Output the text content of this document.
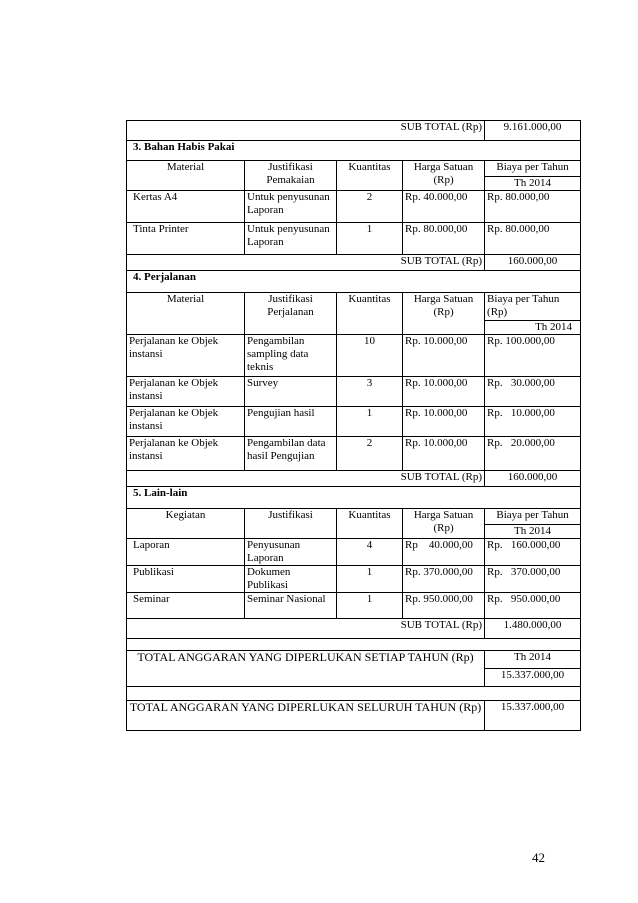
SUB TOTAL (Rp)				9.161.000,00
3. Bahan Habis Pakai				
Material	Justifikasi Pemakaian	Kuantitas	Harga Satuan (Rp)	Biaya per Tahun
				Th 2014
Kertas A4	Untuk penyusunan Laporan	2	Rp. 40.000,00	Rp. 80.000,00
Tinta Printer	Untuk penyusunan Laporan	1	Rp. 80.000,00	Rp. 80.000,00
SUB TOTAL (Rp)				160.000,00
4. Perjalanan				
Material	Justifikasi Perjalanan	Kuantitas	Harga Satuan (Rp)	Biaya per Tahun (Rp)
				Th 2014
Perjalanan ke Objek instansi	Pengambilan sampling data teknis	10	Rp. 10.000,00	Rp. 100.000,00
Perjalanan ke Objek instansi	Survey	3	Rp. 10.000,00	Rp.   30.000,00
Perjalanan ke Objek instansi	Pengujian hasil	1	Rp. 10.000,00	Rp.   10.000,00
Perjalanan ke Objek instansi	Pengambilan data hasil Pengujian	2	Rp. 10.000,00	Rp.   20.000,00
SUB TOTAL (Rp)				160.000,00
5. Lain-lain				
Kegiatan	Justifikasi	Kuantitas	Harga Satuan (Rp)	Biaya per Tahun
				Th 2014
Laporan	Penyusunan Laporan	4	Rp    40.000,00	Rp.   160.000,00
Publikasi	Dokumen Publikasi	1	Rp. 370.000,00	Rp.   370.000,00
Seminar	Seminar Nasional	1	Rp. 950.000,00	Rp.   950.000,00
SUB TOTAL (Rp)				1.480.000,00

TOTAL ANGGARAN YANG DIPERLUKAN SETIAP TAHUN (Rp)				Th 2014
				15.337.000,00

TOTAL ANGGARAN YANG DIPERLUKAN SELURUH TAHUN (Rp)				15.337.000,00
42
